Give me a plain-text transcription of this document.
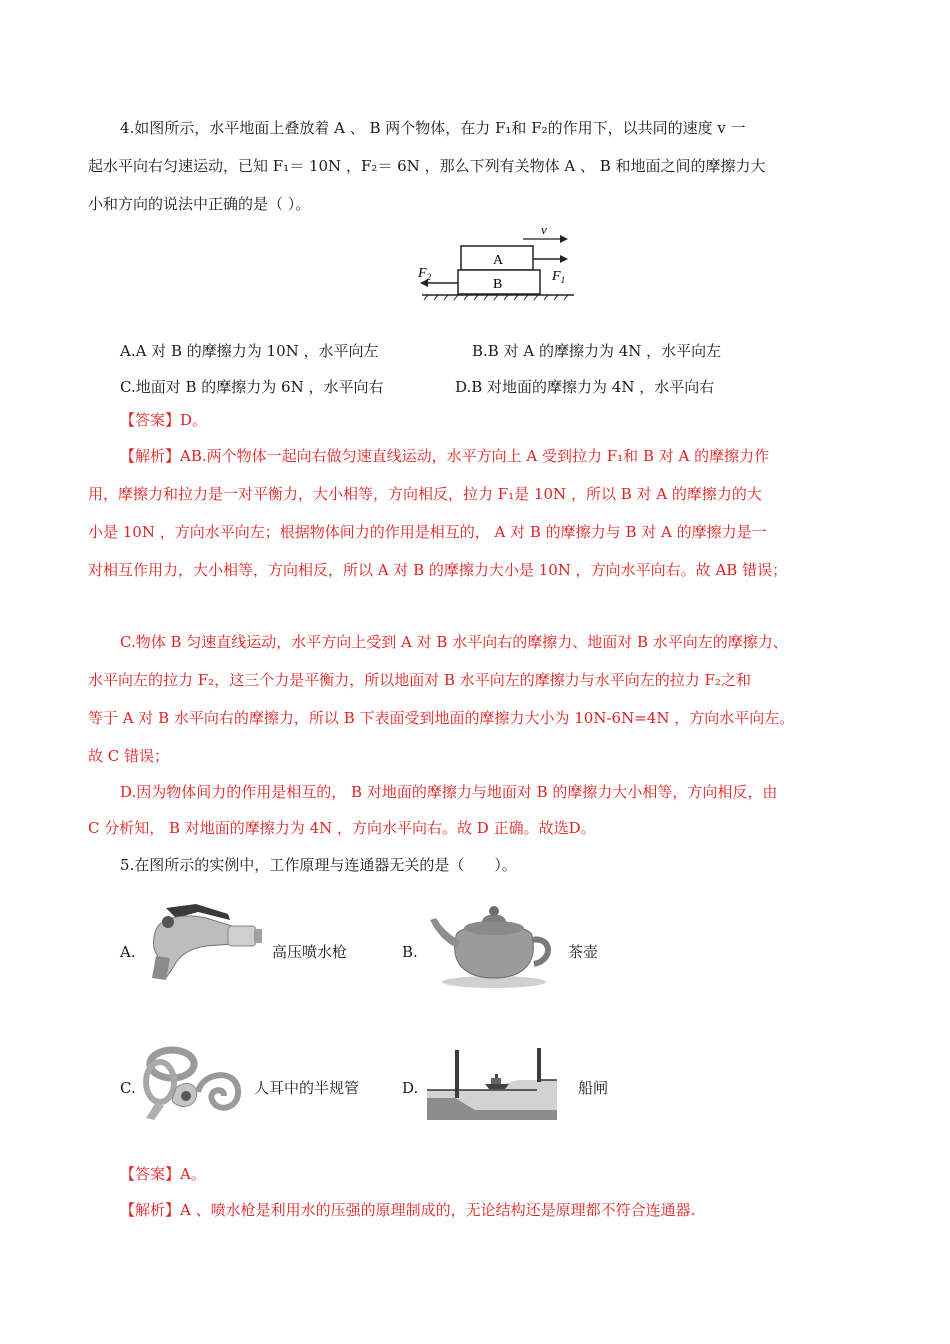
4.如图所示，水平地面上叠放着 A 、 B 两个物体，在力 F₁和 F₂的作用下，以共同的速度 v 一
起水平向右匀速运动，已知 F₁＝ 10N ，F₂＝ 6N ，那么下列有关物体 A 、 B 和地面之间的摩擦力大
小和方向的说法中正确的是（ ）。
A
B
v
$F_1$
$F_2$
A.A 对 B 的摩擦力为 10N ，水平向左	B.B 对 A 的摩擦力为 4N ，水平向左
C.地面对 B 的摩擦力为 6N ，水平向右	D.B 对地面的摩擦力为 4N ，水平向右
【答案】D。
【解析】AB.两个物体一起向右做匀速直线运动，水平方向上 A 受到拉力 F₁和 B 对 A 的摩擦力作
用，摩擦力和拉力是一对平衡力，大小相等，方向相反，拉力 F₁是 10N ，所以 B 对 A 的摩擦力的大
小是 10N ，方向水平向左；根据物体间力的作用是相互的， A 对 B 的摩擦力与 B 对 A 的摩擦力是一
对相互作用力，大小相等，方向相反，所以 A 对 B 的摩擦力大小是 10N ，方向水平向右。故 AB 错误；
C.物体 B 匀速直线运动，水平方向上受到 A 对 B 水平向右的摩擦力、地面对 B 水平向左的摩擦力、
水平向左的拉力 F₂，这三个力是平衡力，所以地面对 B 水平向左的摩擦力与水平向左的拉力 F₂之和
等于 A 对 B 水平向右的摩擦力，所以 B 下表面受到地面的摩擦力大小为 10N-6N=4N ，方向水平向左。
故 C 错误；
D.因为物体间力的作用是相互的， B 对地面的摩擦力与地面对 B 的摩擦力大小相等，方向相反，由
C 分析知， B 对地面的摩擦力为 4N ，方向水平向右。故 D 正确。故选D。
5.在图所示的实例中，工作原理与连通器无关的是（　　）。
A.	高压喷水枪	B.	茶壶
C.	人耳中的半规管	D.	船闸
【答案】A。
【解析】A 、喷水枪是利用水的压强的原理制成的，无论结构还是原理都不符合连通器.
